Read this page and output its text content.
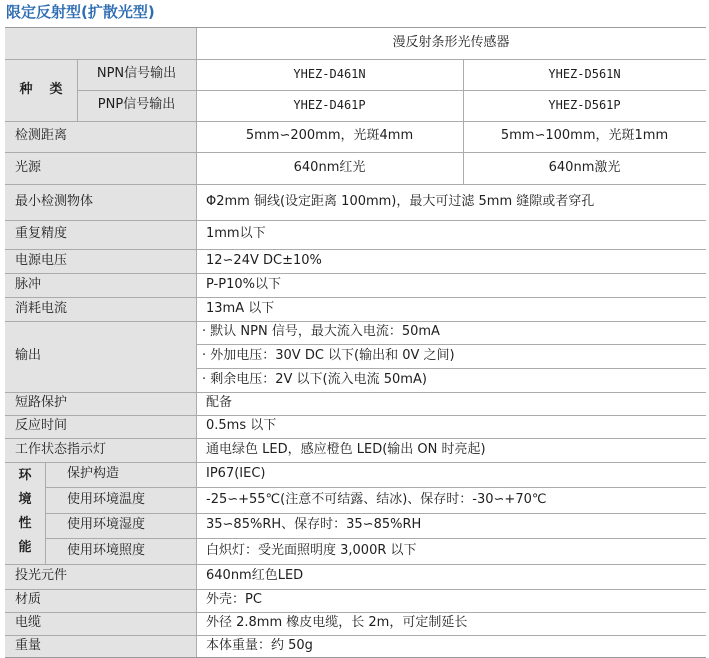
限定反射型(扩散光型)
漫反射条形光传感器
种 类
NPN信号输出	YHEZ-D461N	YHEZ-D561N
PNP信号输出	YHEZ-D461P	YHEZ-D561P
检测距离	5mm∽200mm，光斑4mm	5mm∽100mm，光斑1mm
光源	640nm红光	640nm激光
最小检测物体	Φ2mm 铜线(设定距离 100mm)，最大可过滤 5mm 缝隙或者穿孔
重复精度	1mm以下
电源电压	12∽24V DC±10%
脉冲	P-P10%以下
消耗电流	13mA 以下
输出
· 默认 NPN 信号，最大流入电流：50mA
· 外加电压：30V DC 以下(输出和 0V 之间)
· 剩余电压：2V 以下(流入电流 50mA)
短路保护	配备
反应时间	0.5ms 以下
工作状态指示灯	通电绿色 LED，感应橙色 LED(输出 ON 时亮起)
环
境
性
能
保护构造	IP67(IEC)
使用环境温度	-25∽+55℃(注意不可结露、结冰)、保存时：-30∽+70℃
使用环境湿度	35∽85%RH、保存时：35∽85%RH
使用环境照度	白炽灯：受光面照明度 3,000R 以下
投光元件	640nm红色LED
材质	外壳：PC
电缆	外径 2.8mm 橡皮电缆，长 2m，可定制延长
重量	本体重量：约 50g
